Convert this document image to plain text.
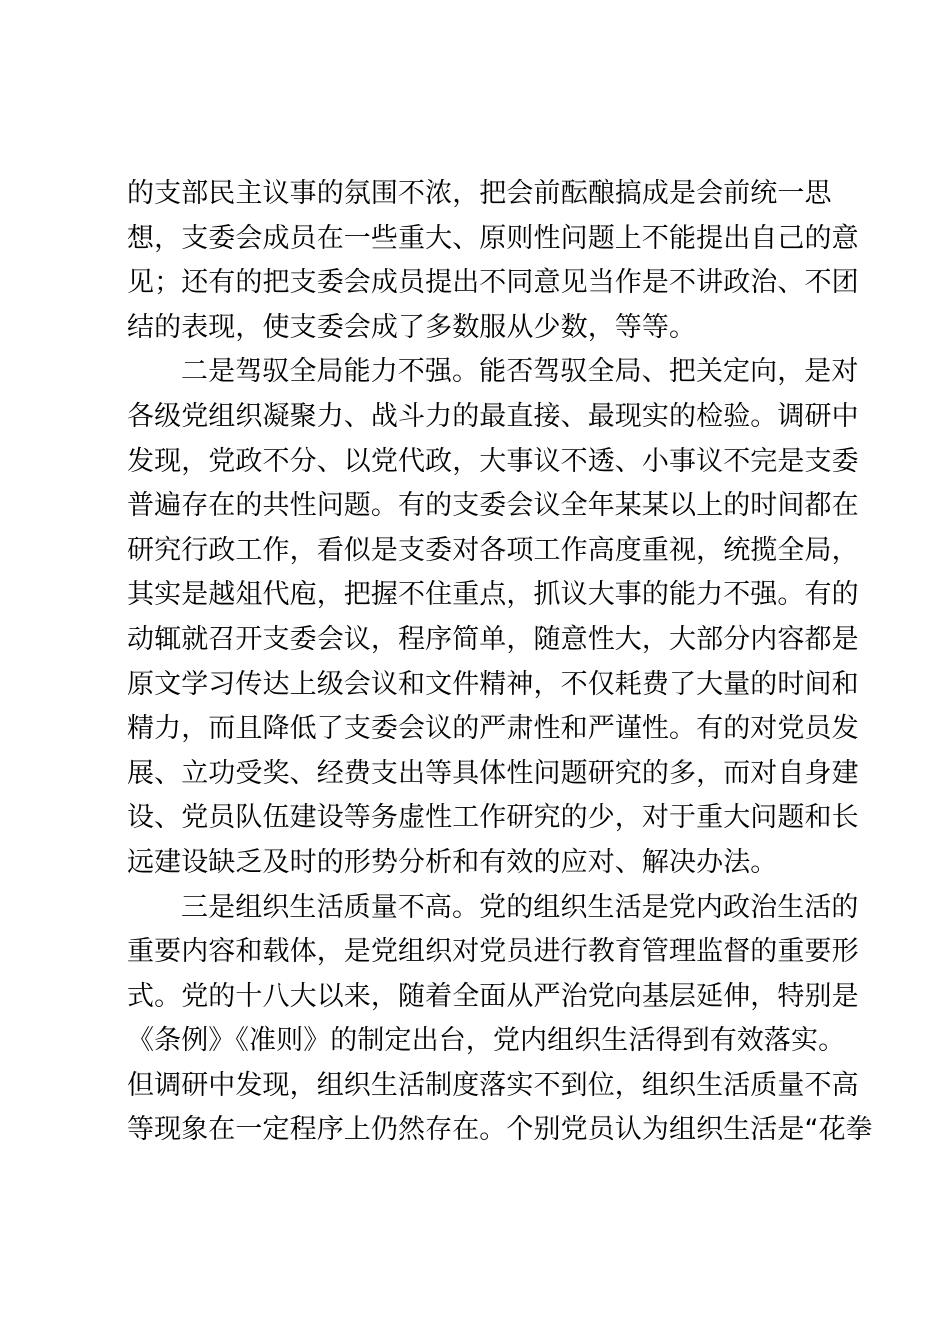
的支部民主议事的氛围不浓，把会前酝酿搞成是会前统一思
想，支委会成员在一些重大、原则性问题上不能提出自己的意
见；还有的把支委会成员提出不同意见当作是不讲政治、不团
结的表现，使支委会成了多数服从少数，等等。
二是驾驭全局能力不强。能否驾驭全局、把关定向，是对
各级党组织凝聚力、战斗力的最直接、最现实的检验。调研中
发现，党政不分、以党代政，大事议不透、小事议不完是支委
普遍存在的共性问题。有的支委会议全年某某以上的时间都在
研究行政工作，看似是支委对各项工作高度重视，统揽全局，
其实是越俎代庖，把握不住重点，抓议大事的能力不强。有的
动辄就召开支委会议，程序简单，随意性大，大部分内容都是
原文学习传达上级会议和文件精神，不仅耗费了大量的时间和
精力，而且降低了支委会议的严肃性和严谨性。有的对党员发
展、立功受奖、经费支出等具体性问题研究的多，而对自身建
设、党员队伍建设等务虚性工作研究的少，对于重大问题和长
远建设缺乏及时的形势分析和有效的应对、解决办法。
三是组织生活质量不高。党的组织生活是党内政治生活的
重要内容和载体，是党组织对党员进行教育管理监督的重要形
式。党的十八大以来，随着全面从严治党向基层延伸，特别是
《条例》《准则》的制定出台，党内组织生活得到有效落实。
但调研中发现，组织生活制度落实不到位，组织生活质量不高
等现象在一定程序上仍然存在。个别党员认为组织生活是“花拳
